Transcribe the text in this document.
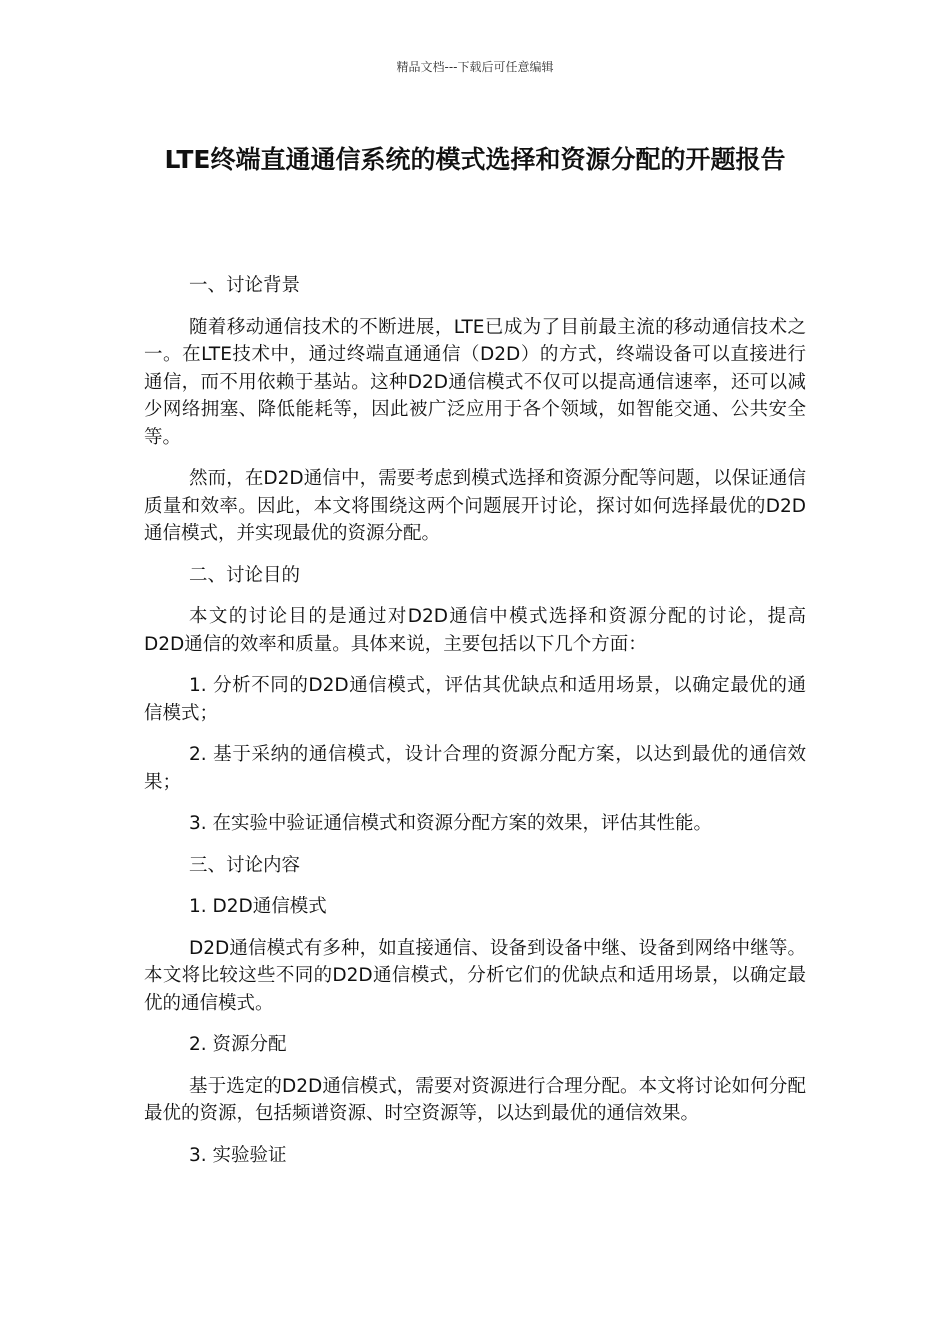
精品文档---下载后可任意编辑
LTE终端直通通信系统的模式选择和资源分配的开题报告

一、讨论背景

随着移动通信技术的不断进展，LTE已成为了目前最主流的移动通信技术之一。在LTE技术中，通过终端直通通信（D2D）的方式，终端设备可以直接进行通信，而不用依赖于基站。这种D2D通信模式不仅可以提高通信速率，还可以减少网络拥塞、降低能耗等，因此被广泛应用于各个领域，如智能交通、公共安全等。

然而，在D2D通信中，需要考虑到模式选择和资源分配等问题，以保证通信质量和效率。因此，本文将围绕这两个问题展开讨论，探讨如何选择最优的D2D通信模式，并实现最优的资源分配。

二、讨论目的

本文的讨论目的是通过对D2D通信中模式选择和资源分配的讨论，提高D2D通信的效率和质量。具体来说，主要包括以下几个方面：

1. 分析不同的D2D通信模式，评估其优缺点和适用场景，以确定最优的通信模式；

2. 基于采纳的通信模式，设计合理的资源分配方案，以达到最优的通信效果；

3. 在实验中验证通信模式和资源分配方案的效果，评估其性能。

三、讨论内容

1. D2D通信模式

D2D通信模式有多种，如直接通信、设备到设备中继、设备到网络中继等。本文将比较这些不同的D2D通信模式，分析它们的优缺点和适用场景，以确定最优的通信模式。

2. 资源分配

基于选定的D2D通信模式，需要对资源进行合理分配。本文将讨论如何分配最优的资源，包括频谱资源、时空资源等，以达到最优的通信效果。

3. 实验验证
